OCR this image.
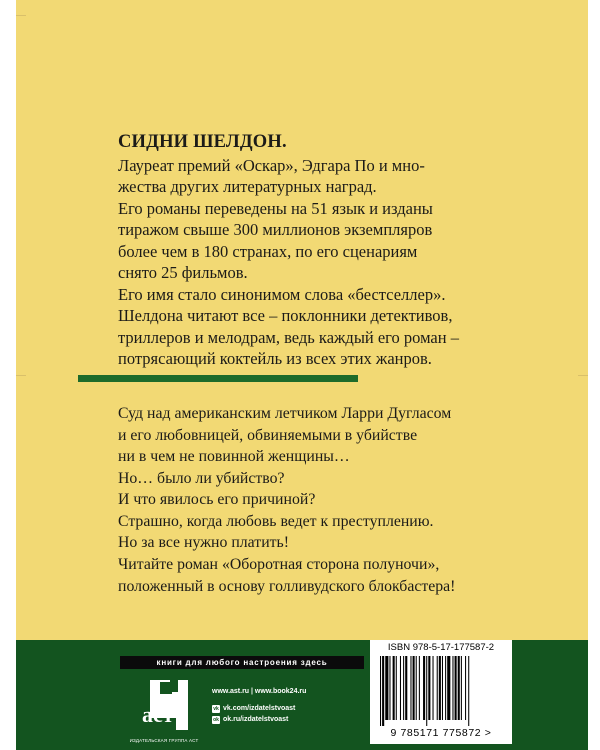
СИДНИ ШЕЛДОН.

Лауреат премий «Оскар», Эдгара По и мно-

жества других литературных наград.

Его романы переведены на 51 язык и изданы

тиражом свыше 300 миллионов экземпляров

более чем в 180 странах, по его сценариям

снято 25 фильмов.

Его имя стало синонимом слова «бестселлер».

Шелдона читают все – поклонники детективов,

триллеров и мелодрам, ведь каждый его роман –

потрясающий коктейль из всех этих жанров.

Суд над американским летчиком Ларри Дугласом
и его любовницей, обвиняемыми в убийстве
ни в чем не повинной женщины…
Но… было ли убийство?
И что явилось его причиной?
Страшно, когда любовь ведет к преступлению.
Но за все нужно платить!
Читайте роман «Оборотная сторона полуночи»,
положенный в основу голливудского блокбастера!
книги для любого настроения здесь
аст
ИЗДАТЕЛЬСКАЯ ГРУППА АСТ
www.ast.ru | www.book24.ru
vk vk.com/izdatelstvoast
ok ok.ru/izdatelstvoast
ISBN 978-5-17-177587-2
9 785171 775872 >
